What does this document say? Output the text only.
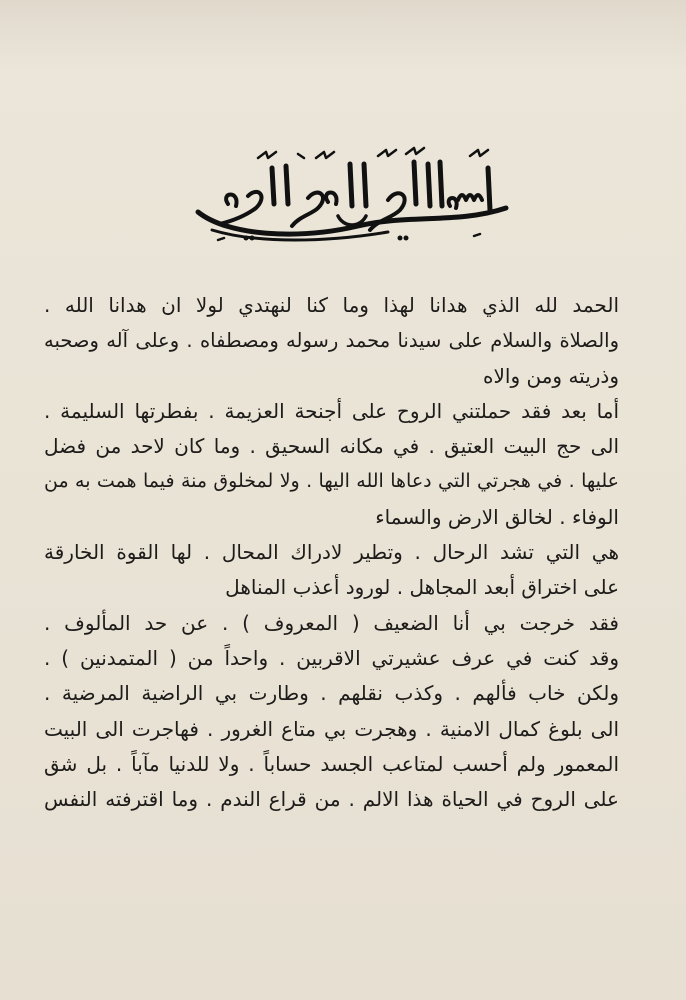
الحمد لله الذي هدانا لهذا وما كنا لنهتدي لولا ان هدانا الله .
والصلاة والسلام على سيدنا محمد رسوله ومصطفاه . وعلى آله وصحبه
وذريته ومن والاه
أما بعد فقد حملتني الروح على أجنحة العزيمة . بفطرتها السليمة .
الى حج البيت العتيق . في مكانه السحيق . وما كان لاحد من فضل
عليها . في هجرتي التي دعاها الله اليها . ولا لمخلوق منة فيما همت به من
الوفاء . لخالق الارض والسماء
هي التي تشد الرحال . وتطير لادراك المحال . لها القوة الخارقة
على اختراق أبعد المجاهل . لورود أعذب المناهل
فقد خرجت بي أنا الضعيف ( المعروف ) . عن حد المألوف .
وقد كنت في عرف عشيرتي الاقربين . واحداً من ( المتمدنين ) .
ولكن خاب فألهم . وكذب نقلهم . وطارت بي الراضية المرضية .
الى بلوغ كمال الامنية . وهجرت بي متاع الغرور . فهاجرت الى البيت
المعمور ولم أحسب لمتاعب الجسد حساباً . ولا للدنيا مآباً . بل شق
على الروح في الحياة هذا الالم . من قراع الندم . وما اقترفته النفس
